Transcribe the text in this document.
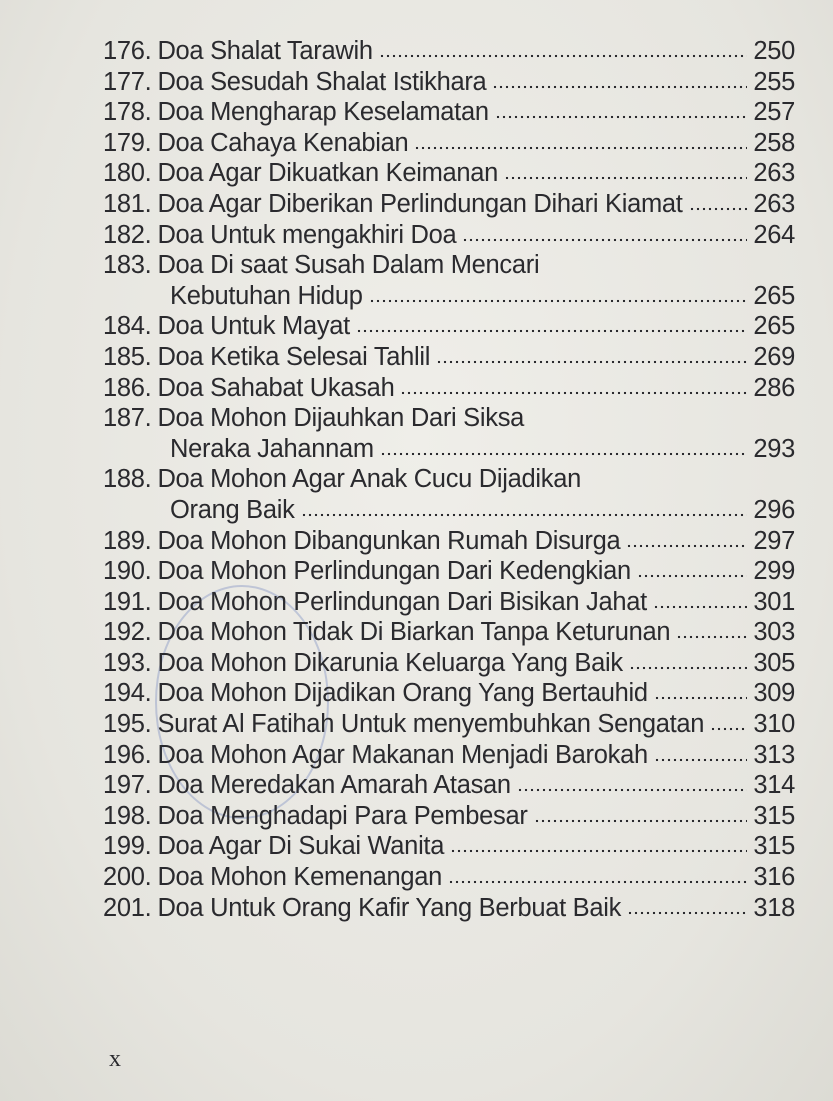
176. Doa Shalat Tarawih	250
177. Doa Sesudah Shalat Istikhara	255
178. Doa Mengharap Keselamatan	257
179. Doa Cahaya Kenabian	258
180. Doa Agar Dikuatkan Keimanan	263
181. Doa Agar Diberikan Perlindungan Dihari Kiamat	263
182. Doa Untuk mengakhiri Doa	264
183. Doa Di saat Susah Dalam Mencari
Kebutuhan Hidup	265
184. Doa Untuk Mayat	265
185. Doa Ketika Selesai Tahlil	269
186. Doa Sahabat Ukasah	286
187. Doa Mohon Dijauhkan Dari Siksa
Neraka Jahannam	293
188. Doa Mohon Agar Anak Cucu Dijadikan
Orang Baik	296
189. Doa Mohon Dibangunkan Rumah Disurga	297
190. Doa Mohon Perlindungan Dari Kedengkian	299
191. Doa Mohon Perlindungan Dari Bisikan Jahat	301
192. Doa Mohon Tidak Di Biarkan Tanpa Keturunan	303
193. Doa Mohon Dikarunia Keluarga Yang Baik	305
194. Doa Mohon Dijadikan Orang Yang Bertauhid	309
195. Surat Al Fatihah Untuk menyembuhkan Sengatan 310
196. Doa Mohon Agar Makanan Menjadi Barokah	313
197. Doa Meredakan Amarah Atasan	314
198. Doa Menghadapi Para Pembesar	315
199. Doa Agar Di Sukai Wanita	315
200. Doa Mohon Kemenangan	316
201. Doa Untuk Orang Kafir Yang Berbuat Baik	318
x
